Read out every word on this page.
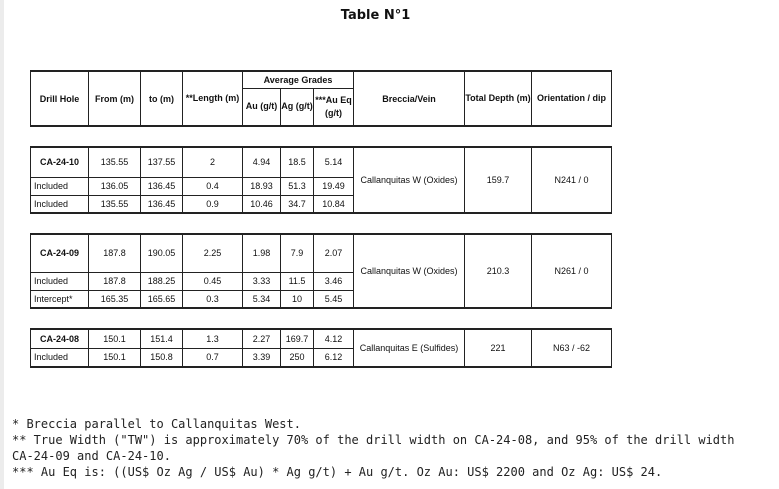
Table N°1
Drill Hole	From (m)	to (m)	**Length (m)	Average Grades			Breccia/Vein	Total Depth (m)	Orientation / dip
				Au (g/t)	Ag (g/t)	***Au Eq (g/t)			
CA-24-10	135.55	137.55	2	4.94	18.5	5.14	Callanquitas W (Oxides)	159.7	N241 / 0
Included	136.05	136.45	0.4	18.93	51.3	19.49			
Included	135.55	136.45	0.9	10.46	34.7	10.84			
CA-24-09	187.8	190.05	2.25	1.98	7.9	2.07	Callanquitas W (Oxides)	210.3	N261 / 0
Included	187.8	188.25	0.45	3.33	11.5	3.46			
Intercept*	165.35	165.65	0.3	5.34	10	5.45			
CA-24-08	150.1	151.4	1.3	2.27	169.7	4.12	Callanquitas E (Sulfides)	221	N63 / -62
Included	150.1	150.8	0.7	3.39	250	6.12			
* Breccia parallel to Callanquitas West.
** True Width ("TW") is approximately 70% of the drill width on CA-24-08, and 95% of the drill width CA-24-09 and CA-24-10.
*** Au Eq is: ((US$ Oz Ag / US$ Au) * Ag g/t) + Au g/t. Oz Au: US$ 2200 and Oz Ag: US$ 24.
